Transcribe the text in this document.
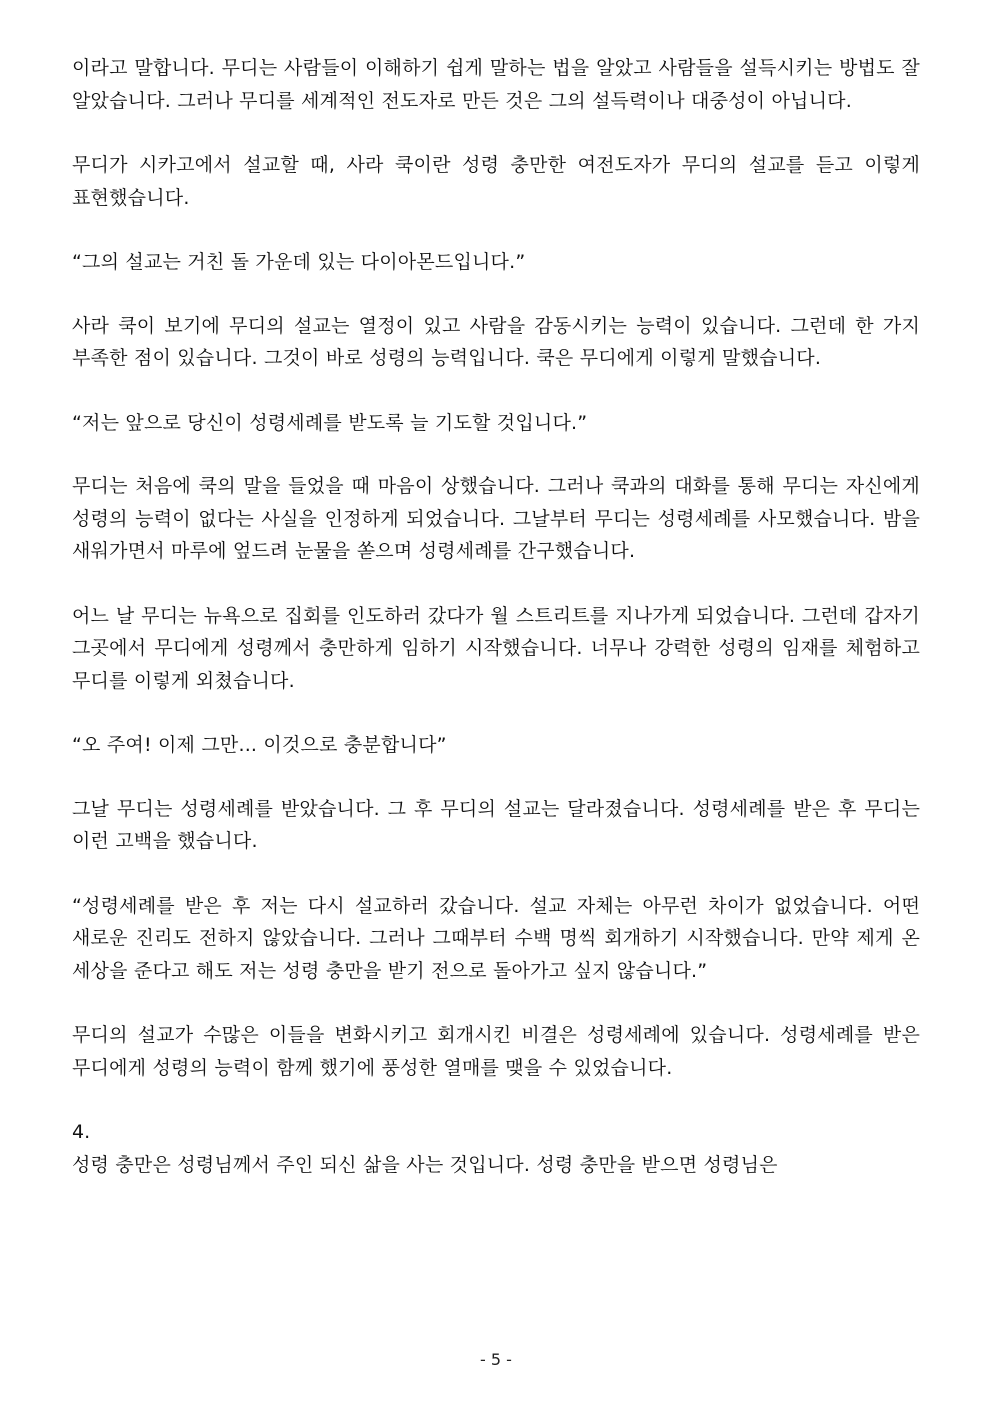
이라고 말합니다. 무디는 사람들이 이해하기 쉽게 말하는 법을 알았고 사람들을 설득시키는 방법도 잘 알았습니다. 그러나 무디를 세계적인 전도자로 만든 것은 그의 설득력이나 대중성이 아닙니다.

무디가 시카고에서 설교할 때, 사라 쿡이란 성령 충만한 여전도자가 무디의 설교를 듣고 이렇게 표현했습니다.

“그의 설교는 거친 돌 가운데 있는 다이아몬드입니다.”

사라 쿡이 보기에 무디의 설교는 열정이 있고 사람을 감동시키는 능력이 있습니다. 그런데 한 가지 부족한 점이 있습니다. 그것이 바로 성령의 능력입니다. 쿡은 무디에게 이렇게 말했습니다.

“저는 앞으로 당신이 성령세례를 받도록 늘 기도할 것입니다.”

무디는 처음에 쿡의 말을 들었을 때 마음이 상했습니다. 그러나 쿡과의 대화를 통해 무디는 자신에게 성령의 능력이 없다는 사실을 인정하게 되었습니다. 그날부터 무디는 성령세례를 사모했습니다. 밤을 새워가면서 마루에 엎드려 눈물을 쏟으며 성령세례를 간구했습니다.

어느 날 무디는 뉴욕으로 집회를 인도하러 갔다가 월 스트리트를 지나가게 되었습니다. 그런데 갑자기 그곳에서 무디에게 성령께서 충만하게 임하기 시작했습니다. 너무나 강력한 성령의 임재를 체험하고 무디를 이렇게 외쳤습니다.

“오 주여! 이제 그만... 이것으로 충분합니다”

그날 무디는 성령세례를 받았습니다. 그 후 무디의 설교는 달라졌습니다. 성령세례를 받은 후 무디는 이런 고백을 했습니다.

“성령세례를 받은 후 저는 다시 설교하러 갔습니다. 설교 자체는 아무런 차이가 없었습니다. 어떤 새로운 진리도 전하지 않았습니다. 그러나 그때부터 수백 명씩 회개하기 시작했습니다. 만약 제게 온 세상을 준다고 해도 저는 성령 충만을 받기 전으로 돌아가고 싶지 않습니다.”

무디의 설교가 수많은 이들을 변화시키고 회개시킨 비결은 성령세례에 있습니다. 성령세례를 받은 무디에게 성령의 능력이 함께 했기에 풍성한 열매를 맺을 수 있었습니다.

4.

성령 충만은 성령님께서 주인 되신 삶을 사는 것입니다. 성령 충만을 받으면 성령님은

- 5 -
